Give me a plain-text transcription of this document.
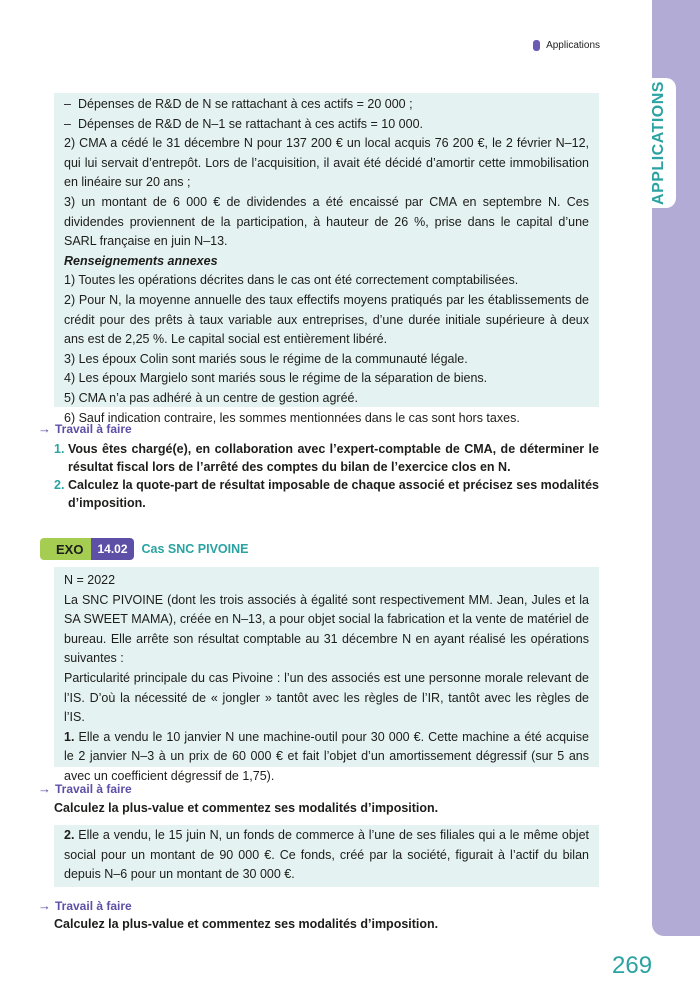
APPLICATIONS
Applications
– Dépenses de R&D de N se rattachant à ces actifs = 20 000 ;
– Dépenses de R&D de N–1 se rattachant à ces actifs = 10 000.

2) CMA a cédé le 31 décembre N pour 137 200 € un local acquis 76 200 €, le 2 février N–12, qui lui servait d’entrepôt. Lors de l’acquisition, il avait été décidé d’amortir cette immobilisation en linéaire sur 20 ans ;

3) un montant de 6 000 € de dividendes a été encaissé par CMA en septembre N. Ces dividendes proviennent de la participation, à hauteur de 26 %, prise dans le capital d’une SARL française en juin N–13.

Renseignements annexes

1) Toutes les opérations décrites dans le cas ont été correctement comptabilisées.

2) Pour N, la moyenne annuelle des taux effectifs moyens pratiqués par les établissements de crédit pour des prêts à taux variable aux entreprises, d’une durée initiale supérieure à deux ans est de 2,25 %. Le capital social est entièrement libéré.

3) Les époux Colin sont mariés sous le régime de la communauté légale.

4) Les époux Margielo sont mariés sous le régime de la séparation de biens.

5) CMA n’a pas adhéré à un centre de gestion agréé.

6) Sauf indication contraire, les sommes mentionnées dans le cas sont hors taxes.

→ Travail à faire
1. Vous êtes chargé(e), en collaboration avec l’expert-comptable de CMA, de déterminer le résultat fiscal lors de l’arrêté des comptes du bilan de l’exercice clos en N.
2. Calculez la quote-part de résultat imposable de chaque associé et précisez ses modalités d’imposition.
EXO	14.02	Cas SNC PIVOINE

N = 2022

La SNC PIVOINE (dont les trois associés à égalité sont respectivement MM. Jean, Jules et la SA SWEET MAMA), créée en N–13, a pour objet social la fabrication et la vente de matériel de bureau. Elle arrête son résultat comptable au 31 décembre N en ayant réalisé les opérations suivantes :

Particularité principale du cas Pivoine : l’un des associés est une personne morale relevant de l’IS. D’où la nécessité de « jongler » tantôt avec les règles de l’IR, tantôt avec les règles de l’IS.

1. Elle a vendu le 10 janvier N une machine-outil pour 30 000 €. Cette machine a été acquise le 2 janvier N–3 à un prix de 60 000 € et fait l’objet d’un amortissement dégressif (sur 5 ans avec un coefficient dégressif de 1,75).

→ Travail à faire
Calculez la plus-value et commentez ses modalités d’imposition.

2. Elle a vendu, le 15 juin N, un fonds de commerce à l’une de ses filiales qui a le même objet social pour un montant de 90 000 €. Ce fonds, créé par la société, figurait à l’actif du bilan depuis N–6 pour un montant de 30 000 €.

→ Travail à faire
Calculez la plus-value et commentez ses modalités d’imposition.
269
